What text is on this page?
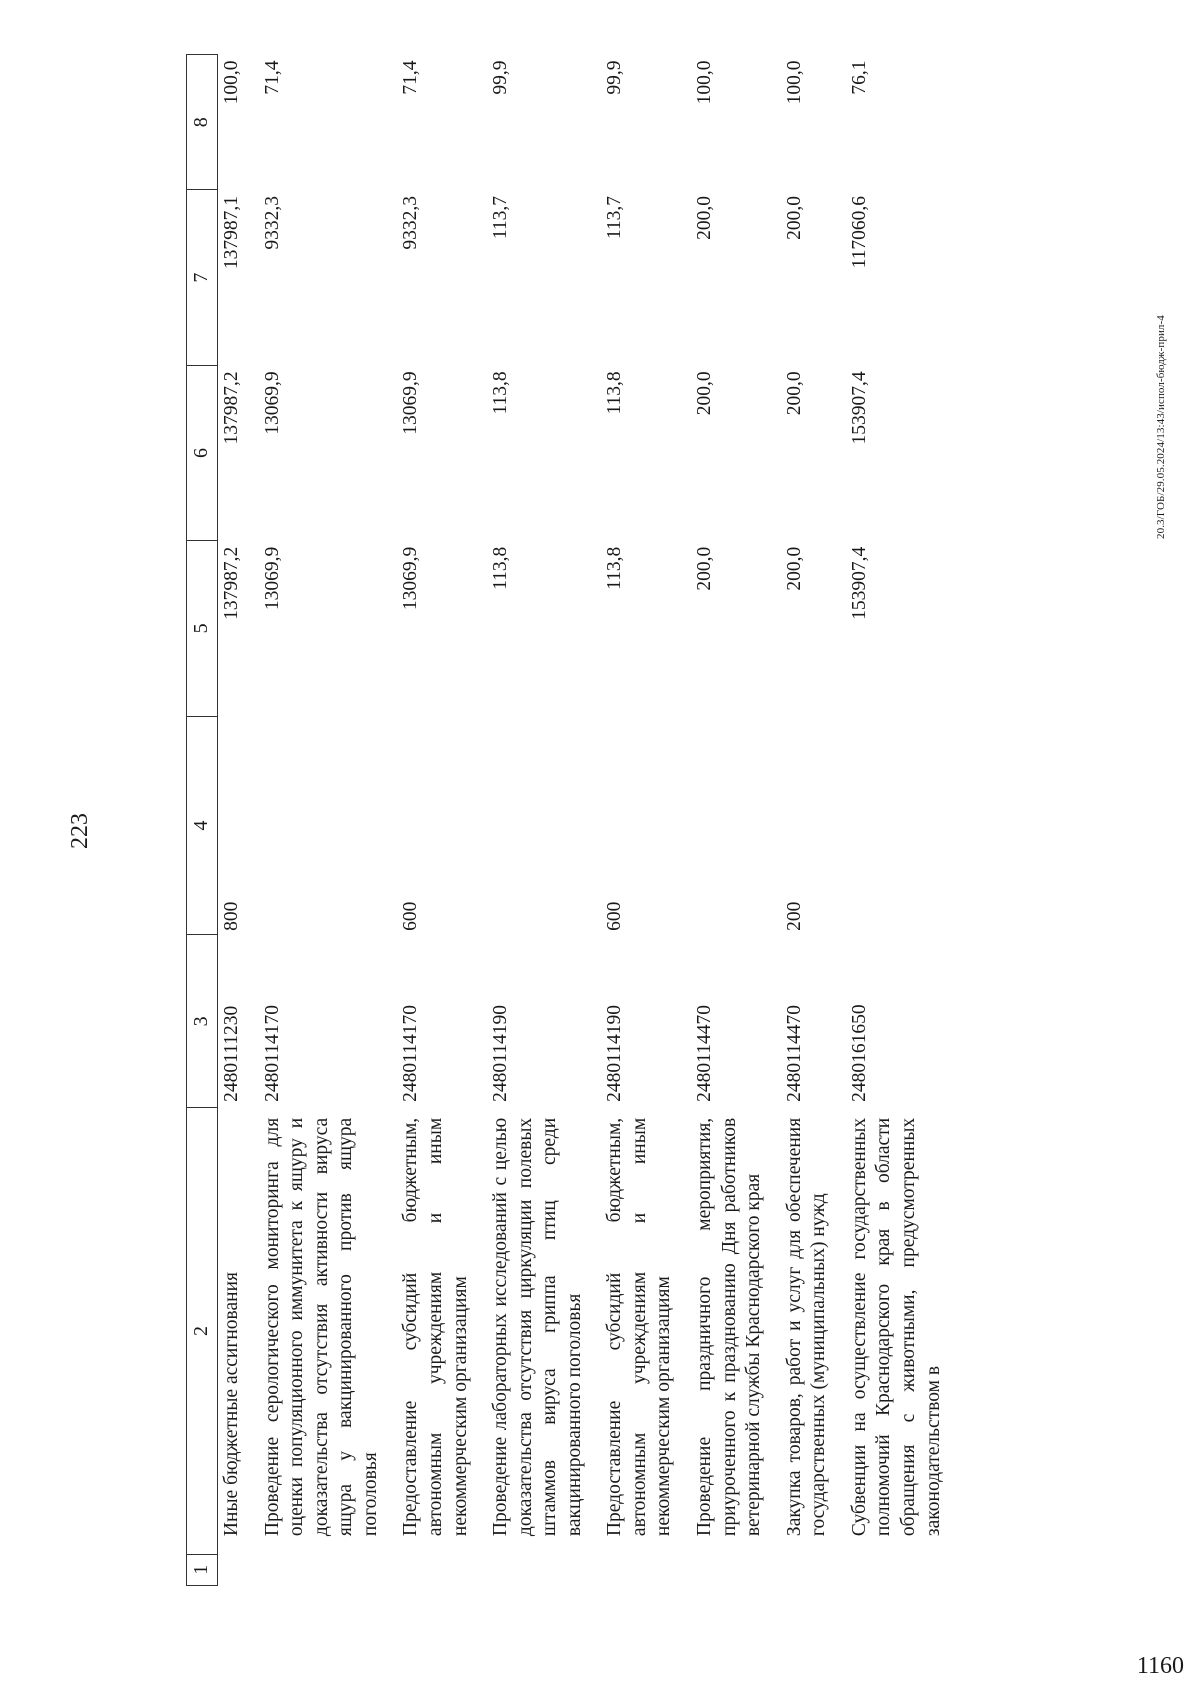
223
1	2	3	4	5	6	7	8
	Иные бюджетные ассигнования	2480111230	800	137987,2	137987,2	137987,1	100,0
	Проведение серологического мониторинга для оценки популяционного иммунитета к ящуру и доказательства отсутствия активности вируса ящура у вакцинированного против ящура поголовья	2480114170		13069,9	13069,9	9332,3	71,4
	Предоставление субсидий бюджетным, автономным учреждениям и иным некоммерческим организациям	2480114170	600	13069,9	13069,9	9332,3	71,4
	Проведение лабораторных исследований с целью доказательства отсутствия циркуляции полевых штаммов вируса гриппа птиц среди вакцинированного поголовья	2480114190		113,8	113,8	113,7	99,9
	Предоставление субсидий бюджетным, автономным учреждениям и иным некоммерческим организациям	2480114190	600	113,8	113,8	113,7	99,9
	Проведение праздничного мероприятия, приуроченного к празднованию Дня работников ветеринарной службы Краснодарского края	2480114470		200,0	200,0	200,0	100,0
	Закупка товаров, работ и услуг для обеспечения государственных (муниципальных) нужд	2480114470	200	200,0	200,0	200,0	100,0
	Субвенции на осуществление государственных полномочий Краснодарского края в области обращения с животными, предусмотренных законодательством в	2480161650		153907,4	153907,4	117060,6	76,1
20.3/ГОБ/29.05.2024/13:43/испол-бюдж-прил-4
1160
